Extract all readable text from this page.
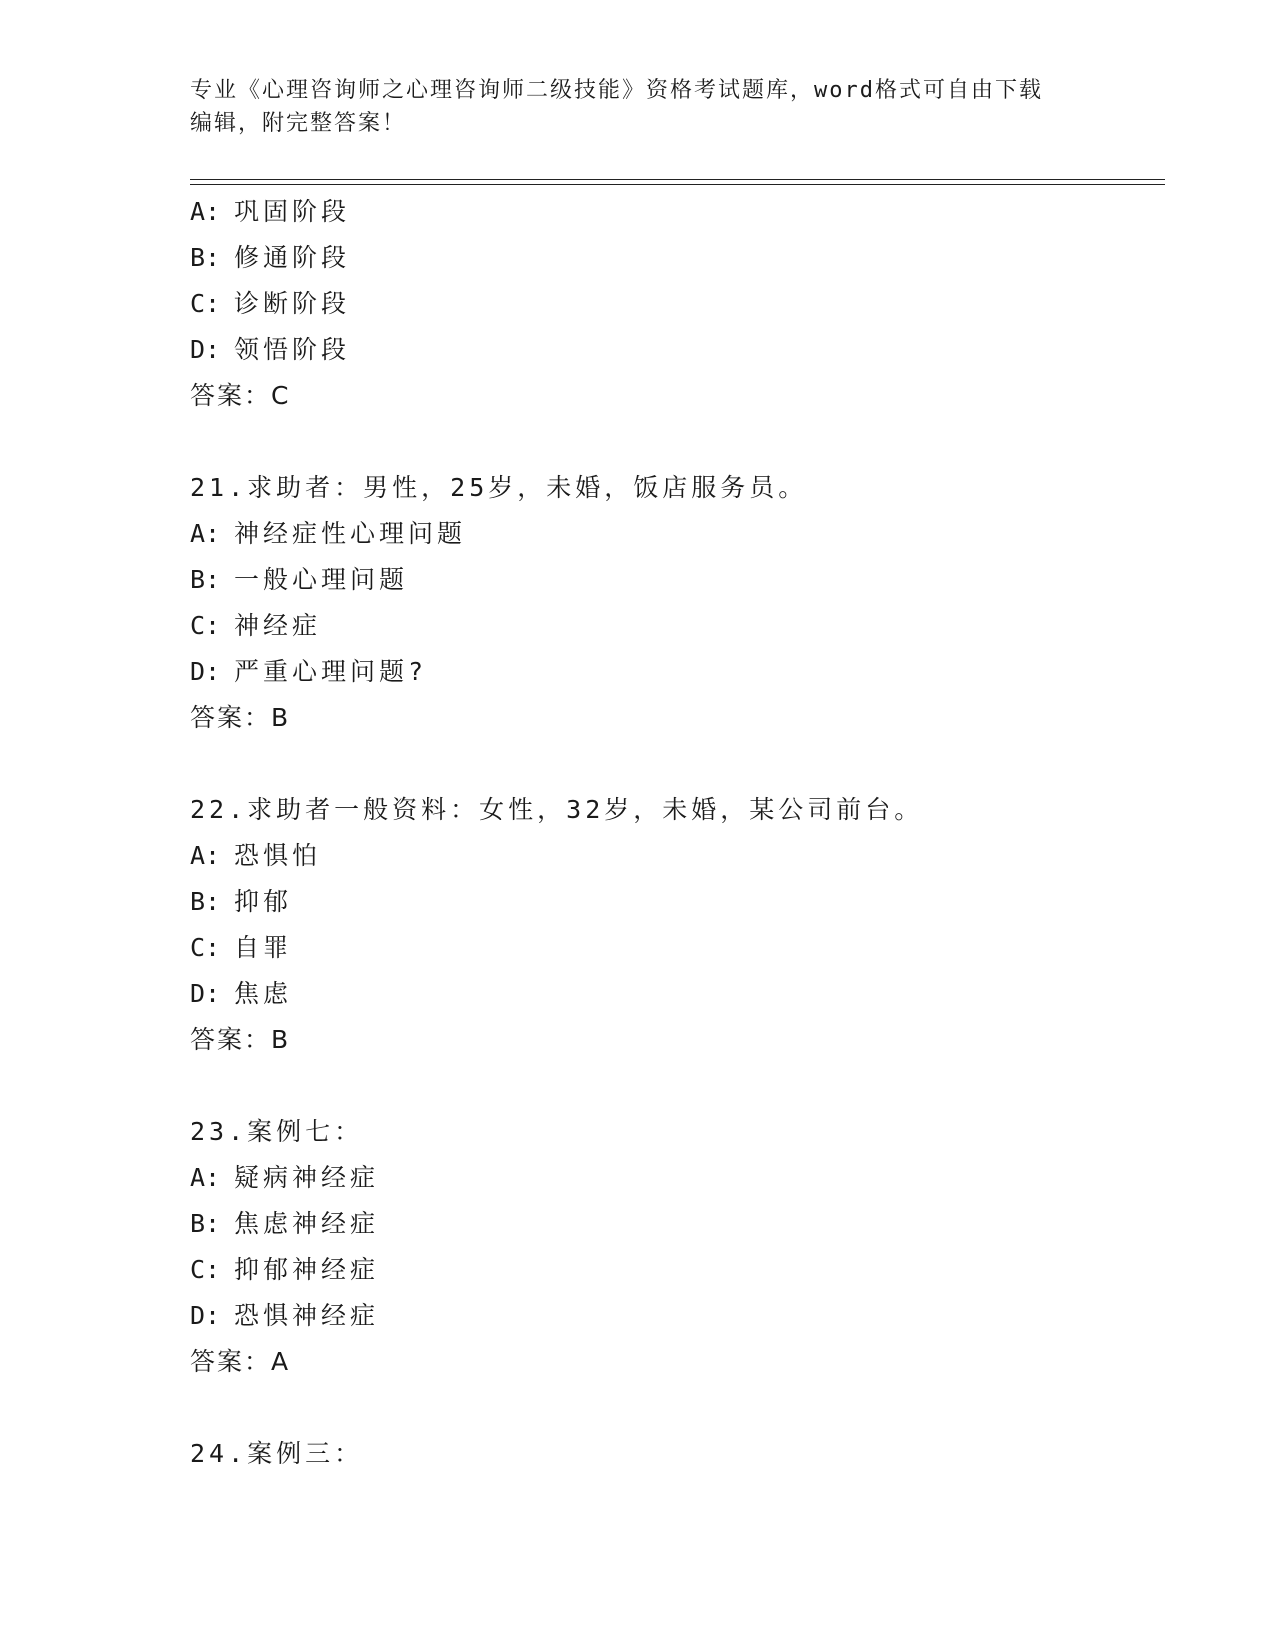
专业《心理咨询师之心理咨询师二级技能》资格考试题库，word格式可自由下载
编辑，附完整答案！
A: 巩固阶段
B: 修通阶段
C: 诊断阶段
D: 领悟阶段
答案：C
21.求助者：男性，25岁，未婚，饭店服务员。
A: 神经症性心理问题
B: 一般心理问题
C: 神经症
D: 严重心理问题?
答案：B
22.求助者一般资料：女性，32岁，未婚，某公司前台。
A: 恐惧怕
B: 抑郁
C: 自罪
D: 焦虑
答案：B
23.案例七：
A: 疑病神经症
B: 焦虑神经症
C: 抑郁神经症
D: 恐惧神经症
答案：A
24.案例三：
